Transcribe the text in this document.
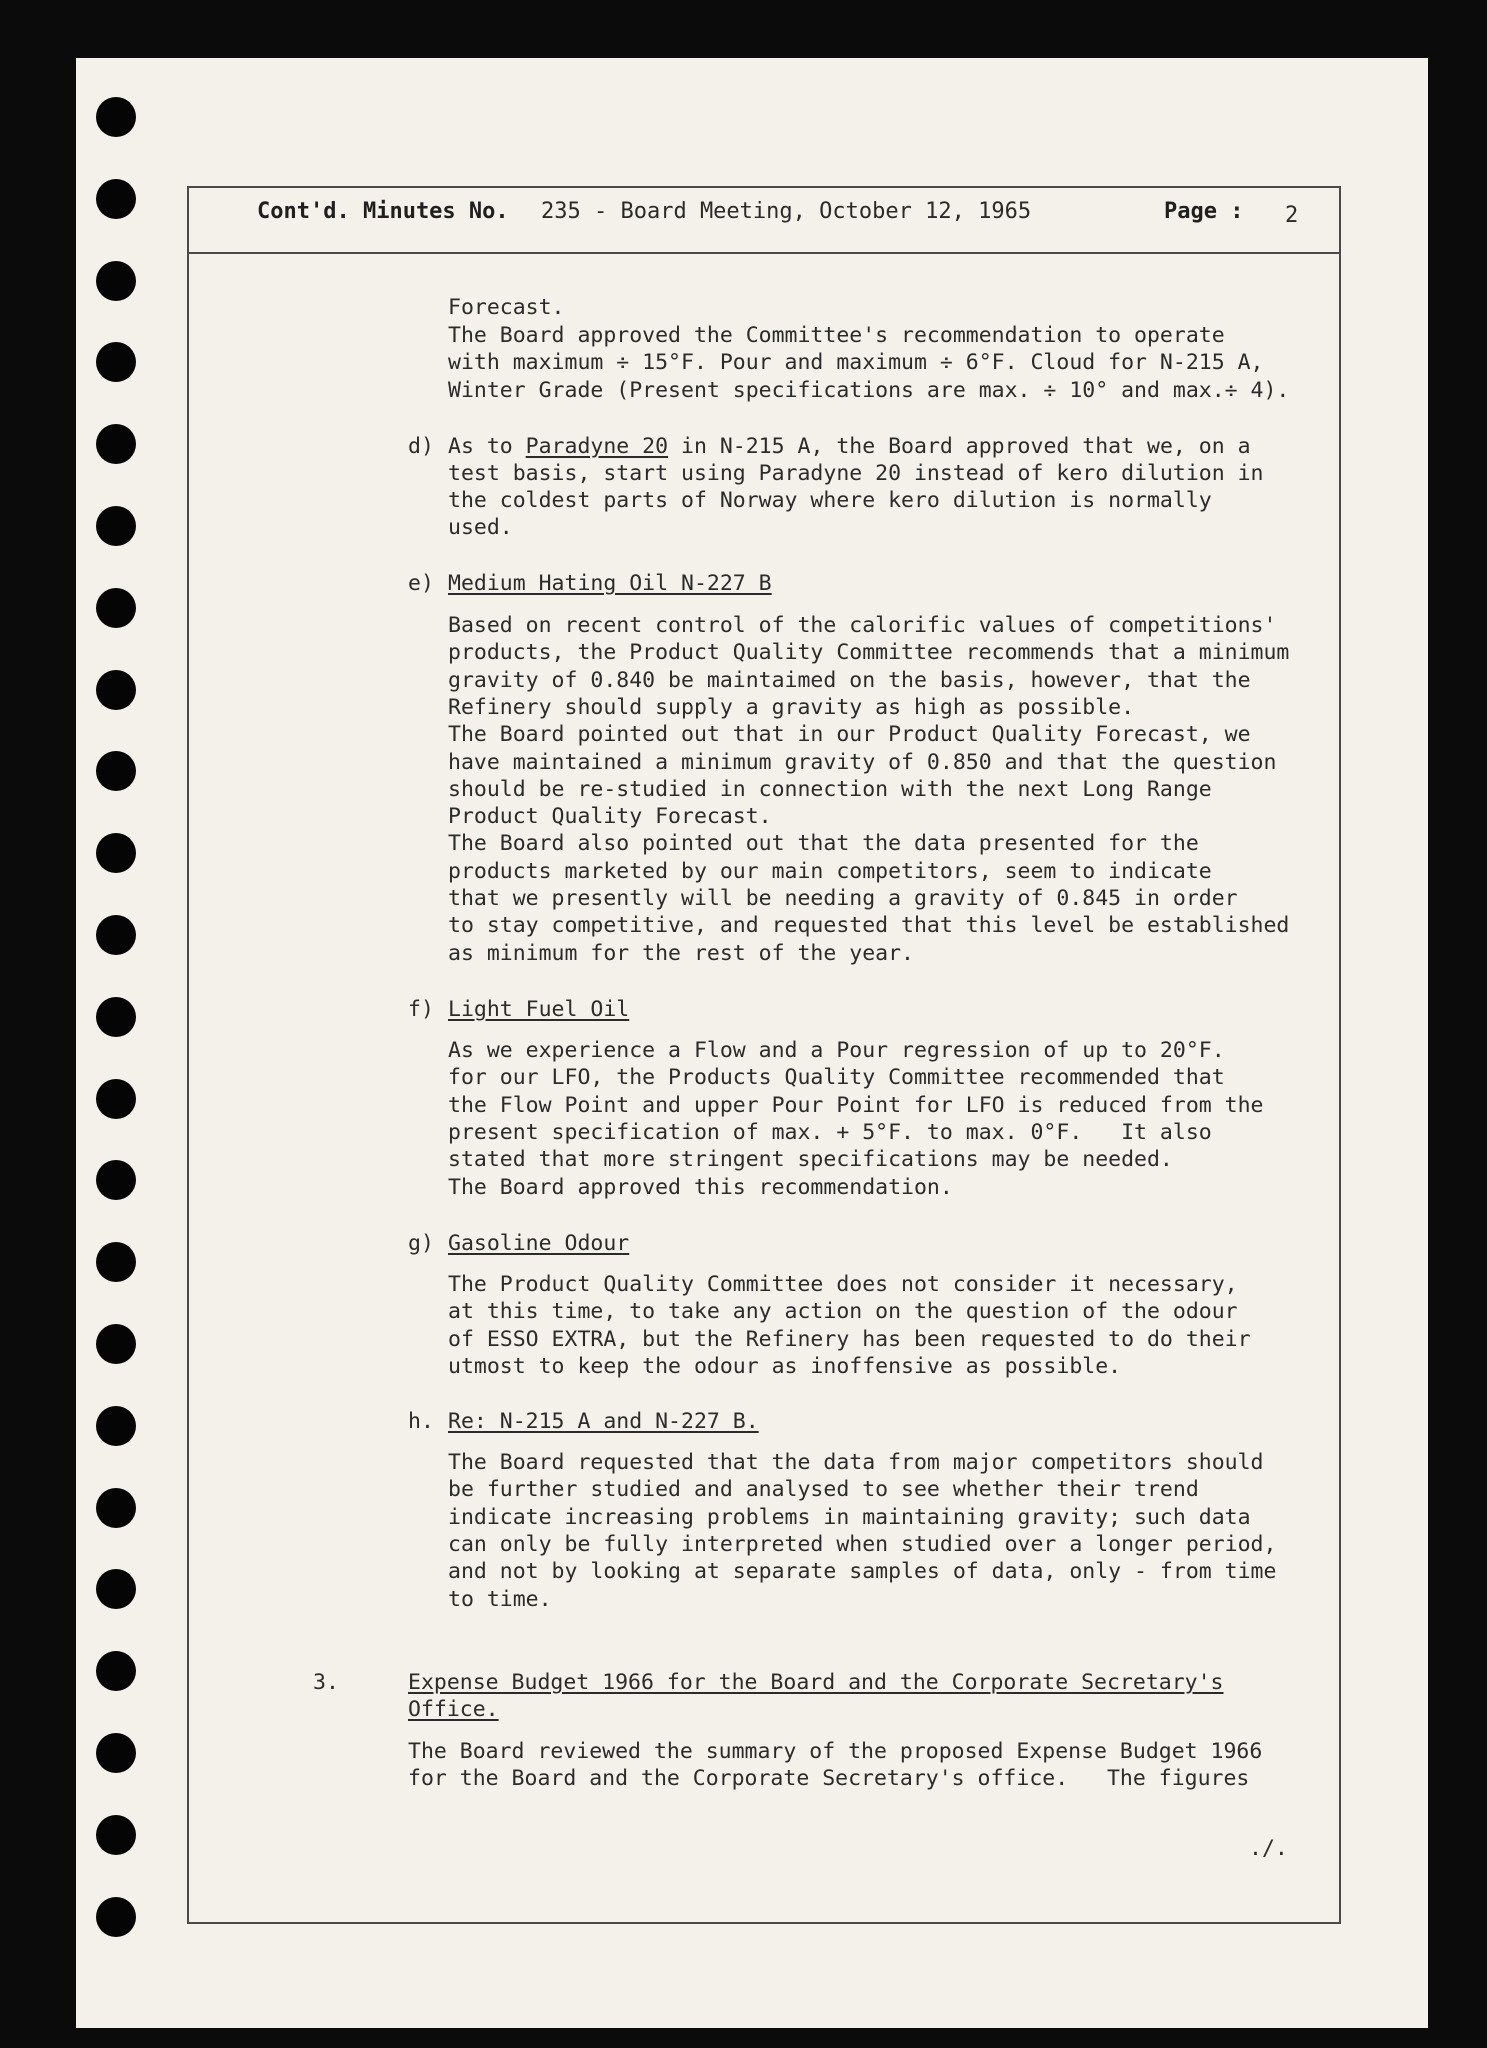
Cont'd. Minutes No. 235 - Board Meeting, October 12, 1965	Page : 2
Forecast.
The Board approved the Committee's recommendation to operate
with maximum ÷ 15°F. Pour and maximum ÷ 6°F. Cloud for N-215 A,
Winter Grade (Present specifications are max. ÷ 10° and max.÷ 4).
d) As to Paradyne 20 in N-215 A, the Board approved that we, on a
test basis, start using Paradyne 20 instead of kero dilution in
the coldest parts of Norway where kero dilution is normally
used.
e) Medium Hating Oil N-227 B
Based on recent control of the calorific values of competitions'
products, the Product Quality Committee recommends that a minimum
gravity of 0.840 be maintaimed on the basis, however, that the
Refinery should supply a gravity as high as possible.
The Board pointed out that in our Product Quality Forecast, we
have maintained a minimum gravity of 0.850 and that the question
should be re-studied in connection with the next Long Range
Product Quality Forecast.
The Board also pointed out that the data presented for the
products marketed by our main competitors, seem to indicate
that we presently will be needing a gravity of 0.845 in order
to stay competitive, and requested that this level be established
as minimum for the rest of the year.
f) Light Fuel Oil
As we experience a Flow and a Pour regression of up to 20°F.
for our LFO, the Products Quality Committee recommended that
the Flow Point and upper Pour Point for LFO is reduced from the
present specification of max. + 5°F. to max. 0°F.   It also
stated that more stringent specifications may be needed.
The Board approved this recommendation.
g) Gasoline Odour
The Product Quality Committee does not consider it necessary,
at this time, to take any action on the question of the odour
of ESSO EXTRA, but the Refinery has been requested to do their
utmost to keep the odour as inoffensive as possible.
h. Re: N-215 A and N-227 B.
The Board requested that the data from major competitors should
be further studied and analysed to see whether their trend
indicate increasing problems in maintaining gravity; such data
can only be fully interpreted when studied over a longer period,
and not by looking at separate samples of data, only - from time
to time.
3.	Expense Budget 1966 for the Board and the Corporate Secretary's
Office.
The Board reviewed the summary of the proposed Expense Budget 1966
for the Board and the Corporate Secretary's office.   The figures
./.
